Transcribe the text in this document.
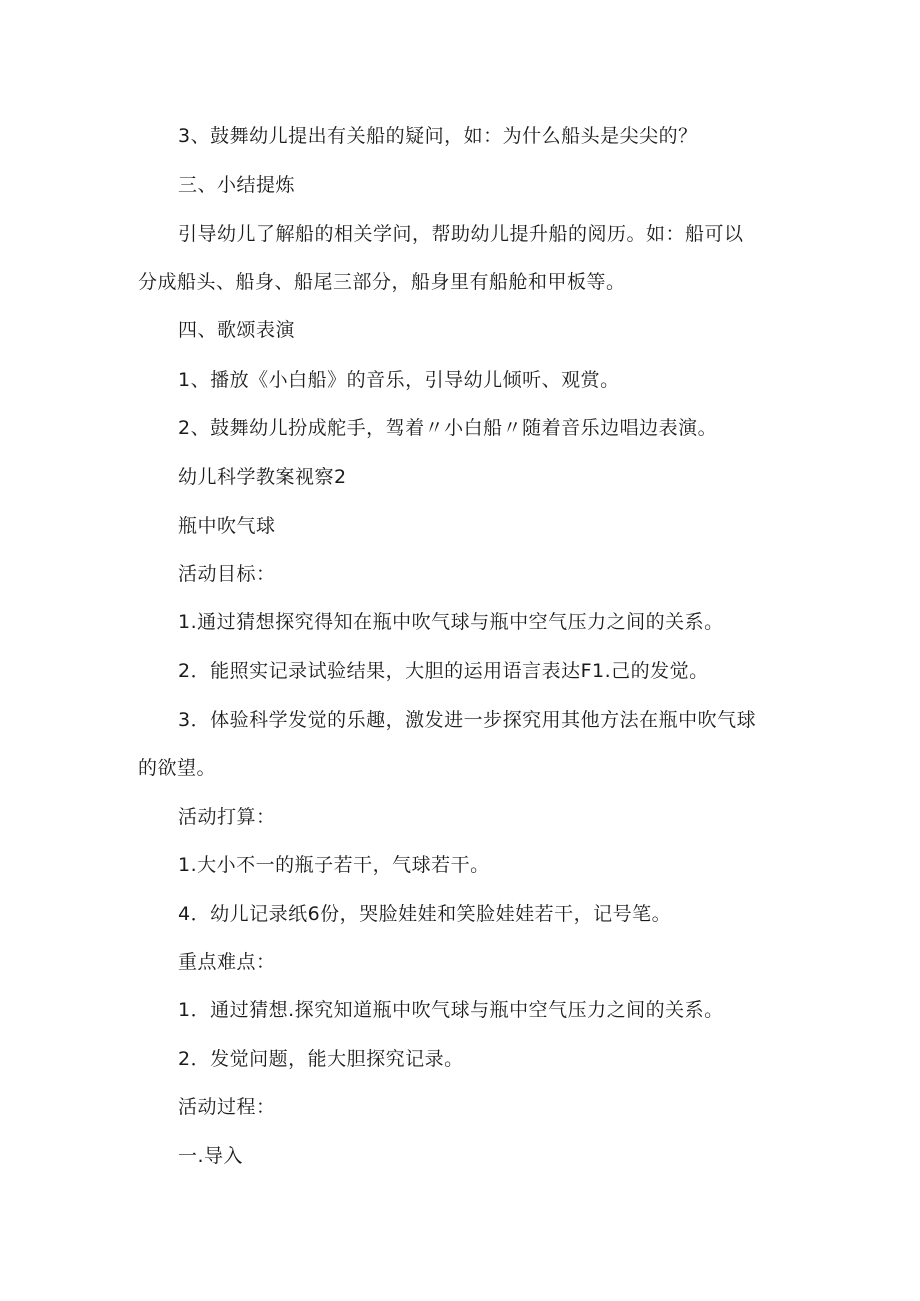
3、鼓舞幼儿提出有关船的疑问，如：为什么船头是尖尖的？

三、小结提炼

引导幼儿了解船的相关学问，帮助幼儿提升船的阅历。如：船可以

分成船头、船身、船尾三部分，船身里有船舱和甲板等。

四、歌颂表演

1、播放《小白船》的音乐，引导幼儿倾听、观赏。

2、鼓舞幼儿扮成舵手，驾着〃小白船〃随着音乐边唱边表演。

幼儿科学教案视察2

瓶中吹气球

活动目标：

1.通过猜想探究得知在瓶中吹气球与瓶中空气压力之间的关系。

2．能照实记录试验结果，大胆的运用语言表达F1.己的发觉。

3．体验科学发觉的乐趣，激发进一步探究用其他方法在瓶中吹气球

的欲望。

活动打算：

1.大小不一的瓶子若干，气球若干。

4．幼儿记录纸6份，哭脸娃娃和笑脸娃娃若干，记号笔。

重点难点：

1．通过猜想.探究知道瓶中吹气球与瓶中空气压力之间的关系。

2．发觉问题，能大胆探究记录。

活动过程：

一.导入
